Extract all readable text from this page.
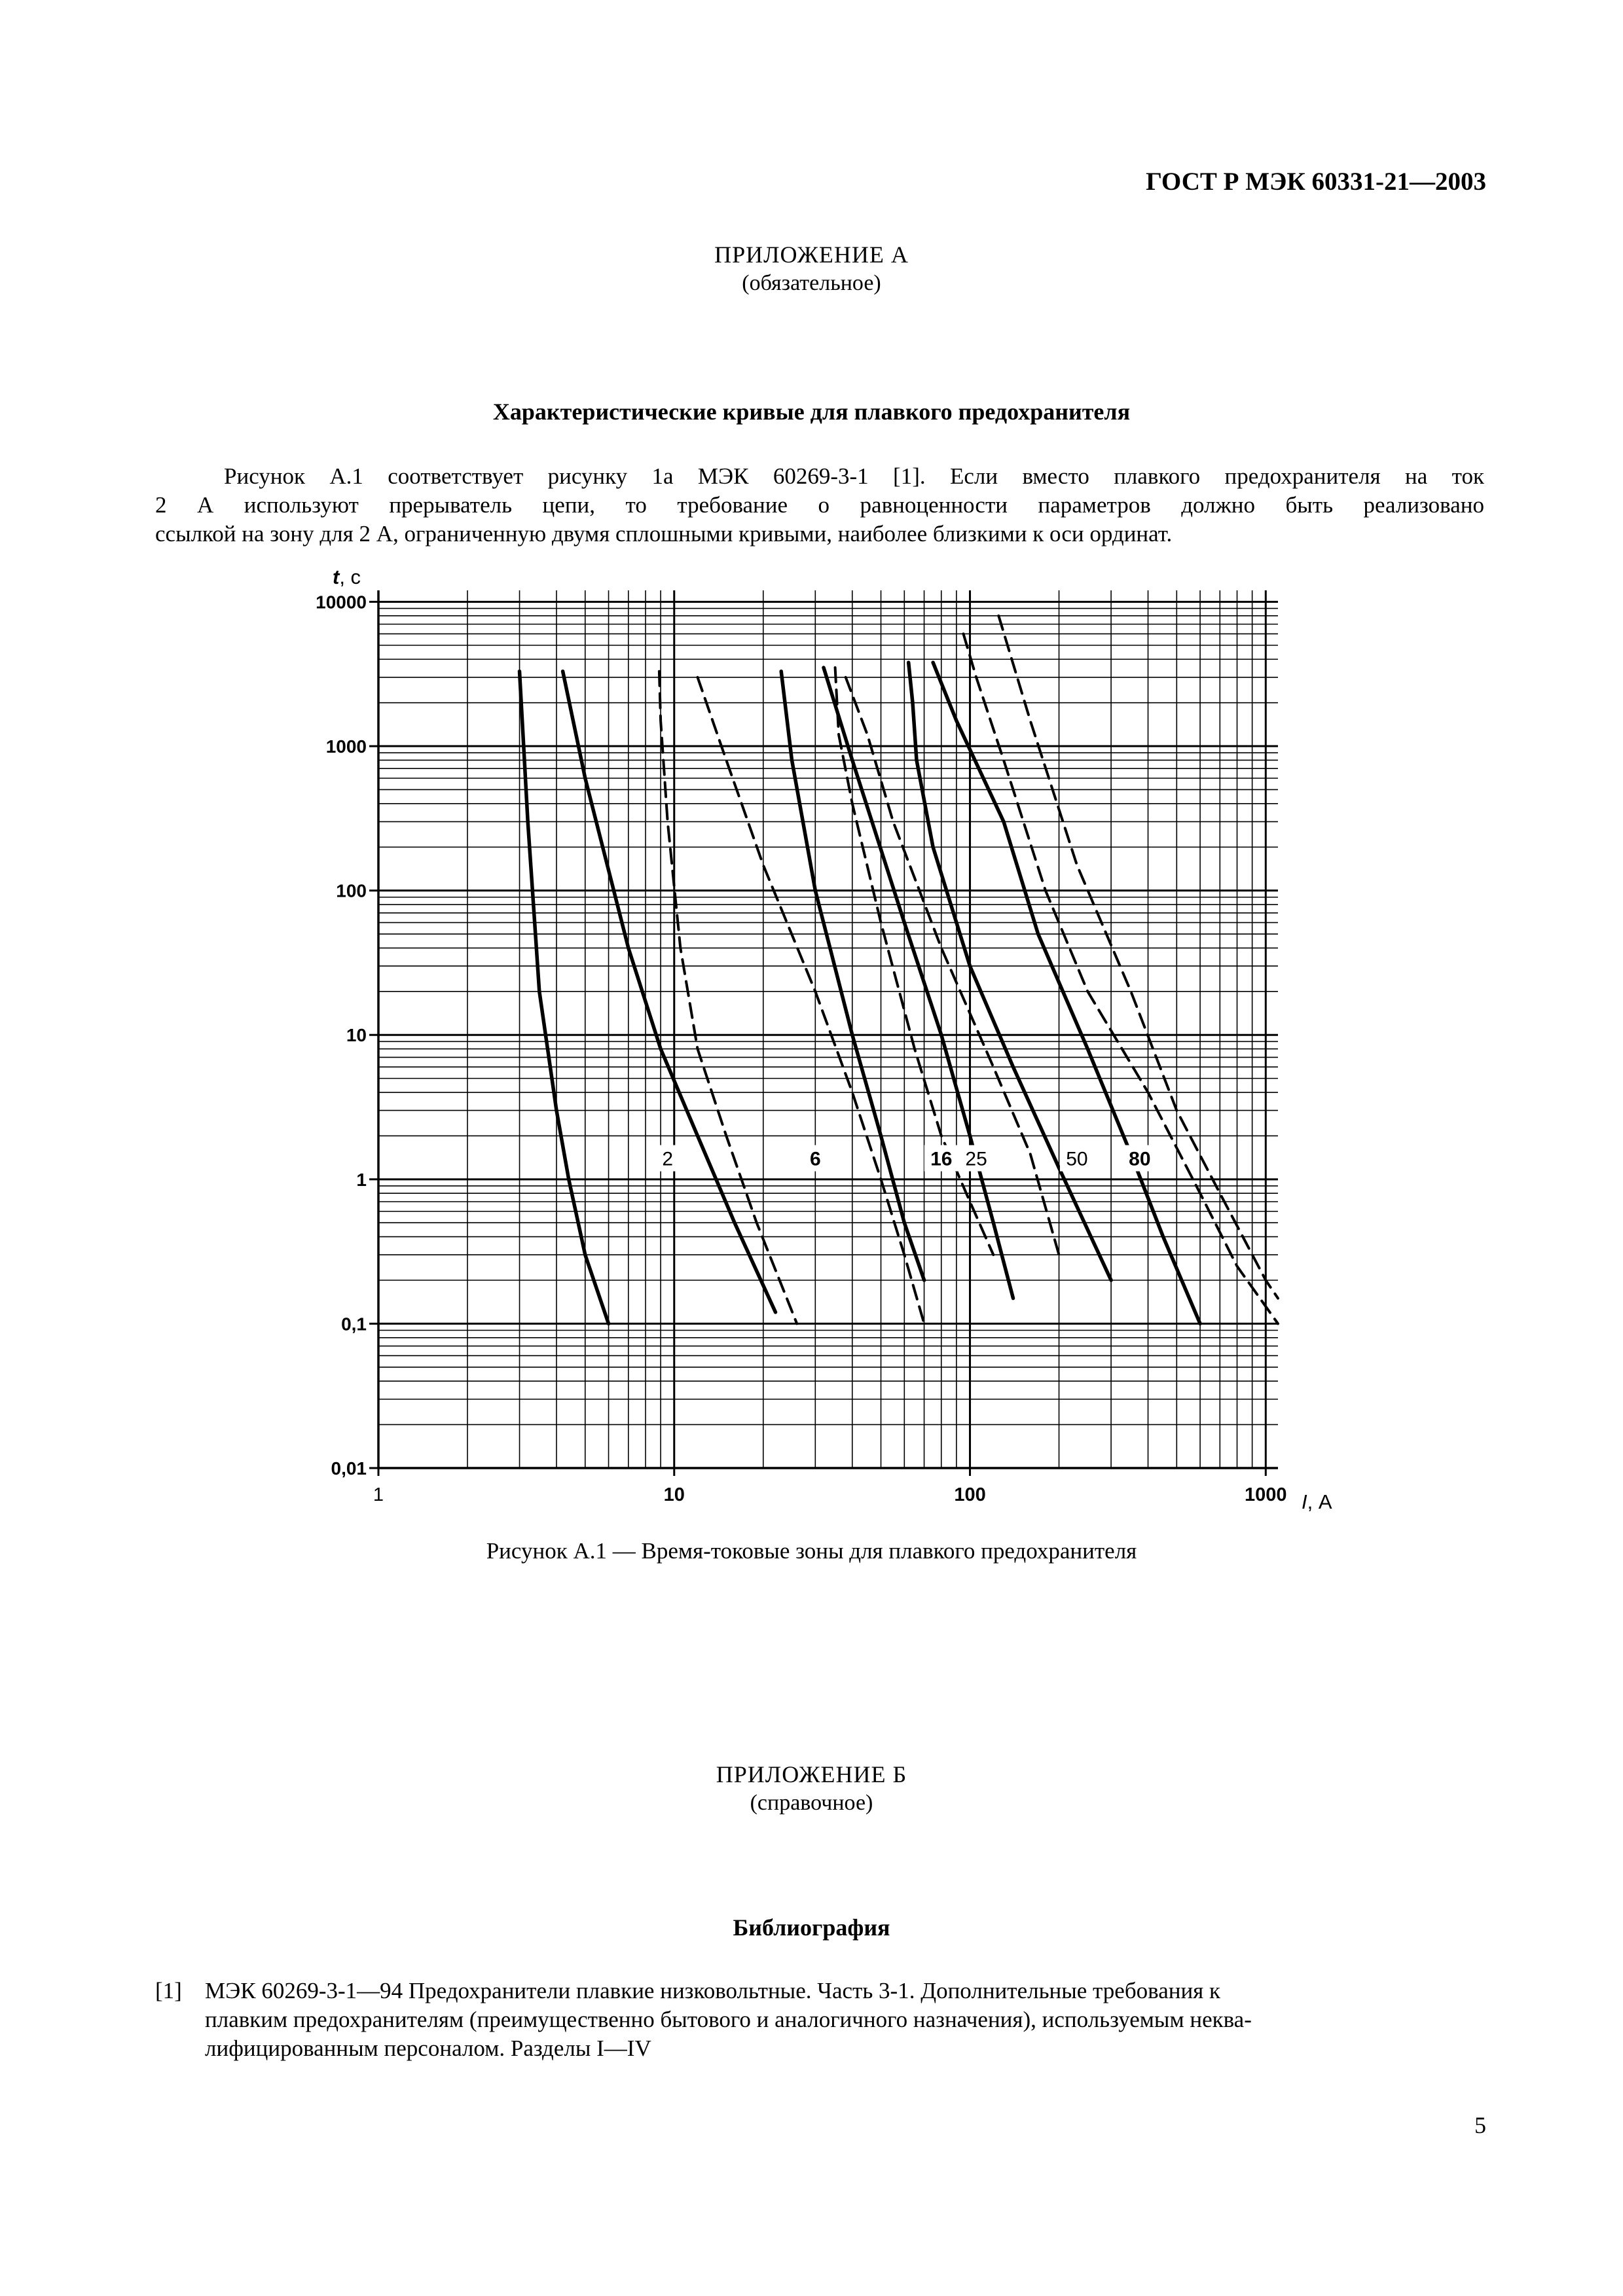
ГОСТ Р МЭК 60331-21—2003
ПРИЛОЖЕНИЕ А
(обязательное)
Характеристические кривые для плавкого предохранителя
Рисунок А.1 соответствует рисунку 1а МЭК 60269-3-1 [1]. Если вместо плавкого предохранителя на ток
2 А используют прерыватель цепи, то требование о равноценности параметров должно быть реализовано
ссылкой на зону для 2 А, ограниченную двумя сплошными кривыми, наиболее близкими к оси ординат.
0,01
0,1
1
10
100
1000
10000
1	10	100	1000
2	6	16 25	50 80
t, с
I, А
Рисунок А.1 — Время-токовые зоны для плавкого предохранителя
ПРИЛОЖЕНИЕ Б
(справочное)
Библиография
[1] МЭК 60269-3-1—94 Предохранители плавкие низковольтные. Часть 3-1. Дополнительные требования к
плавким предохранителям (преимущественно бытового и аналогичного назначения), используемым неква-
лифицированным персоналом. Разделы I—IV
5
